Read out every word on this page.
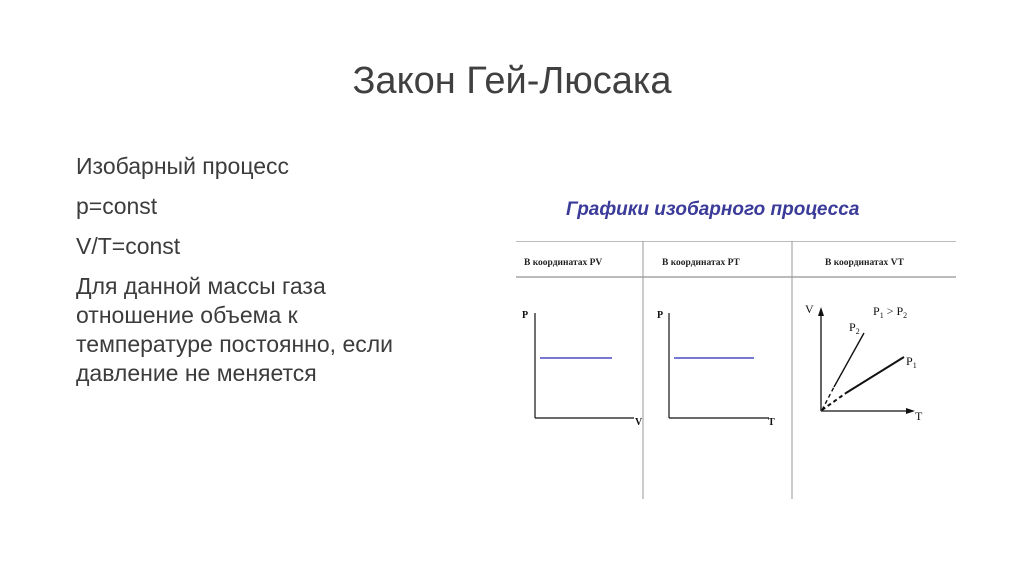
Закон Гей-Люсака
Изобарный процесс
p=const
V/T=const
Для данной массы газа
отношение объема к
температуре постоянно, если
давление не меняется
Графики изобарного процесса
В координатах PV	В координатах PT	В координатах VT
P
V
P
T
V
T
$P_2$
$P_1$
$P_1 > P_2$
